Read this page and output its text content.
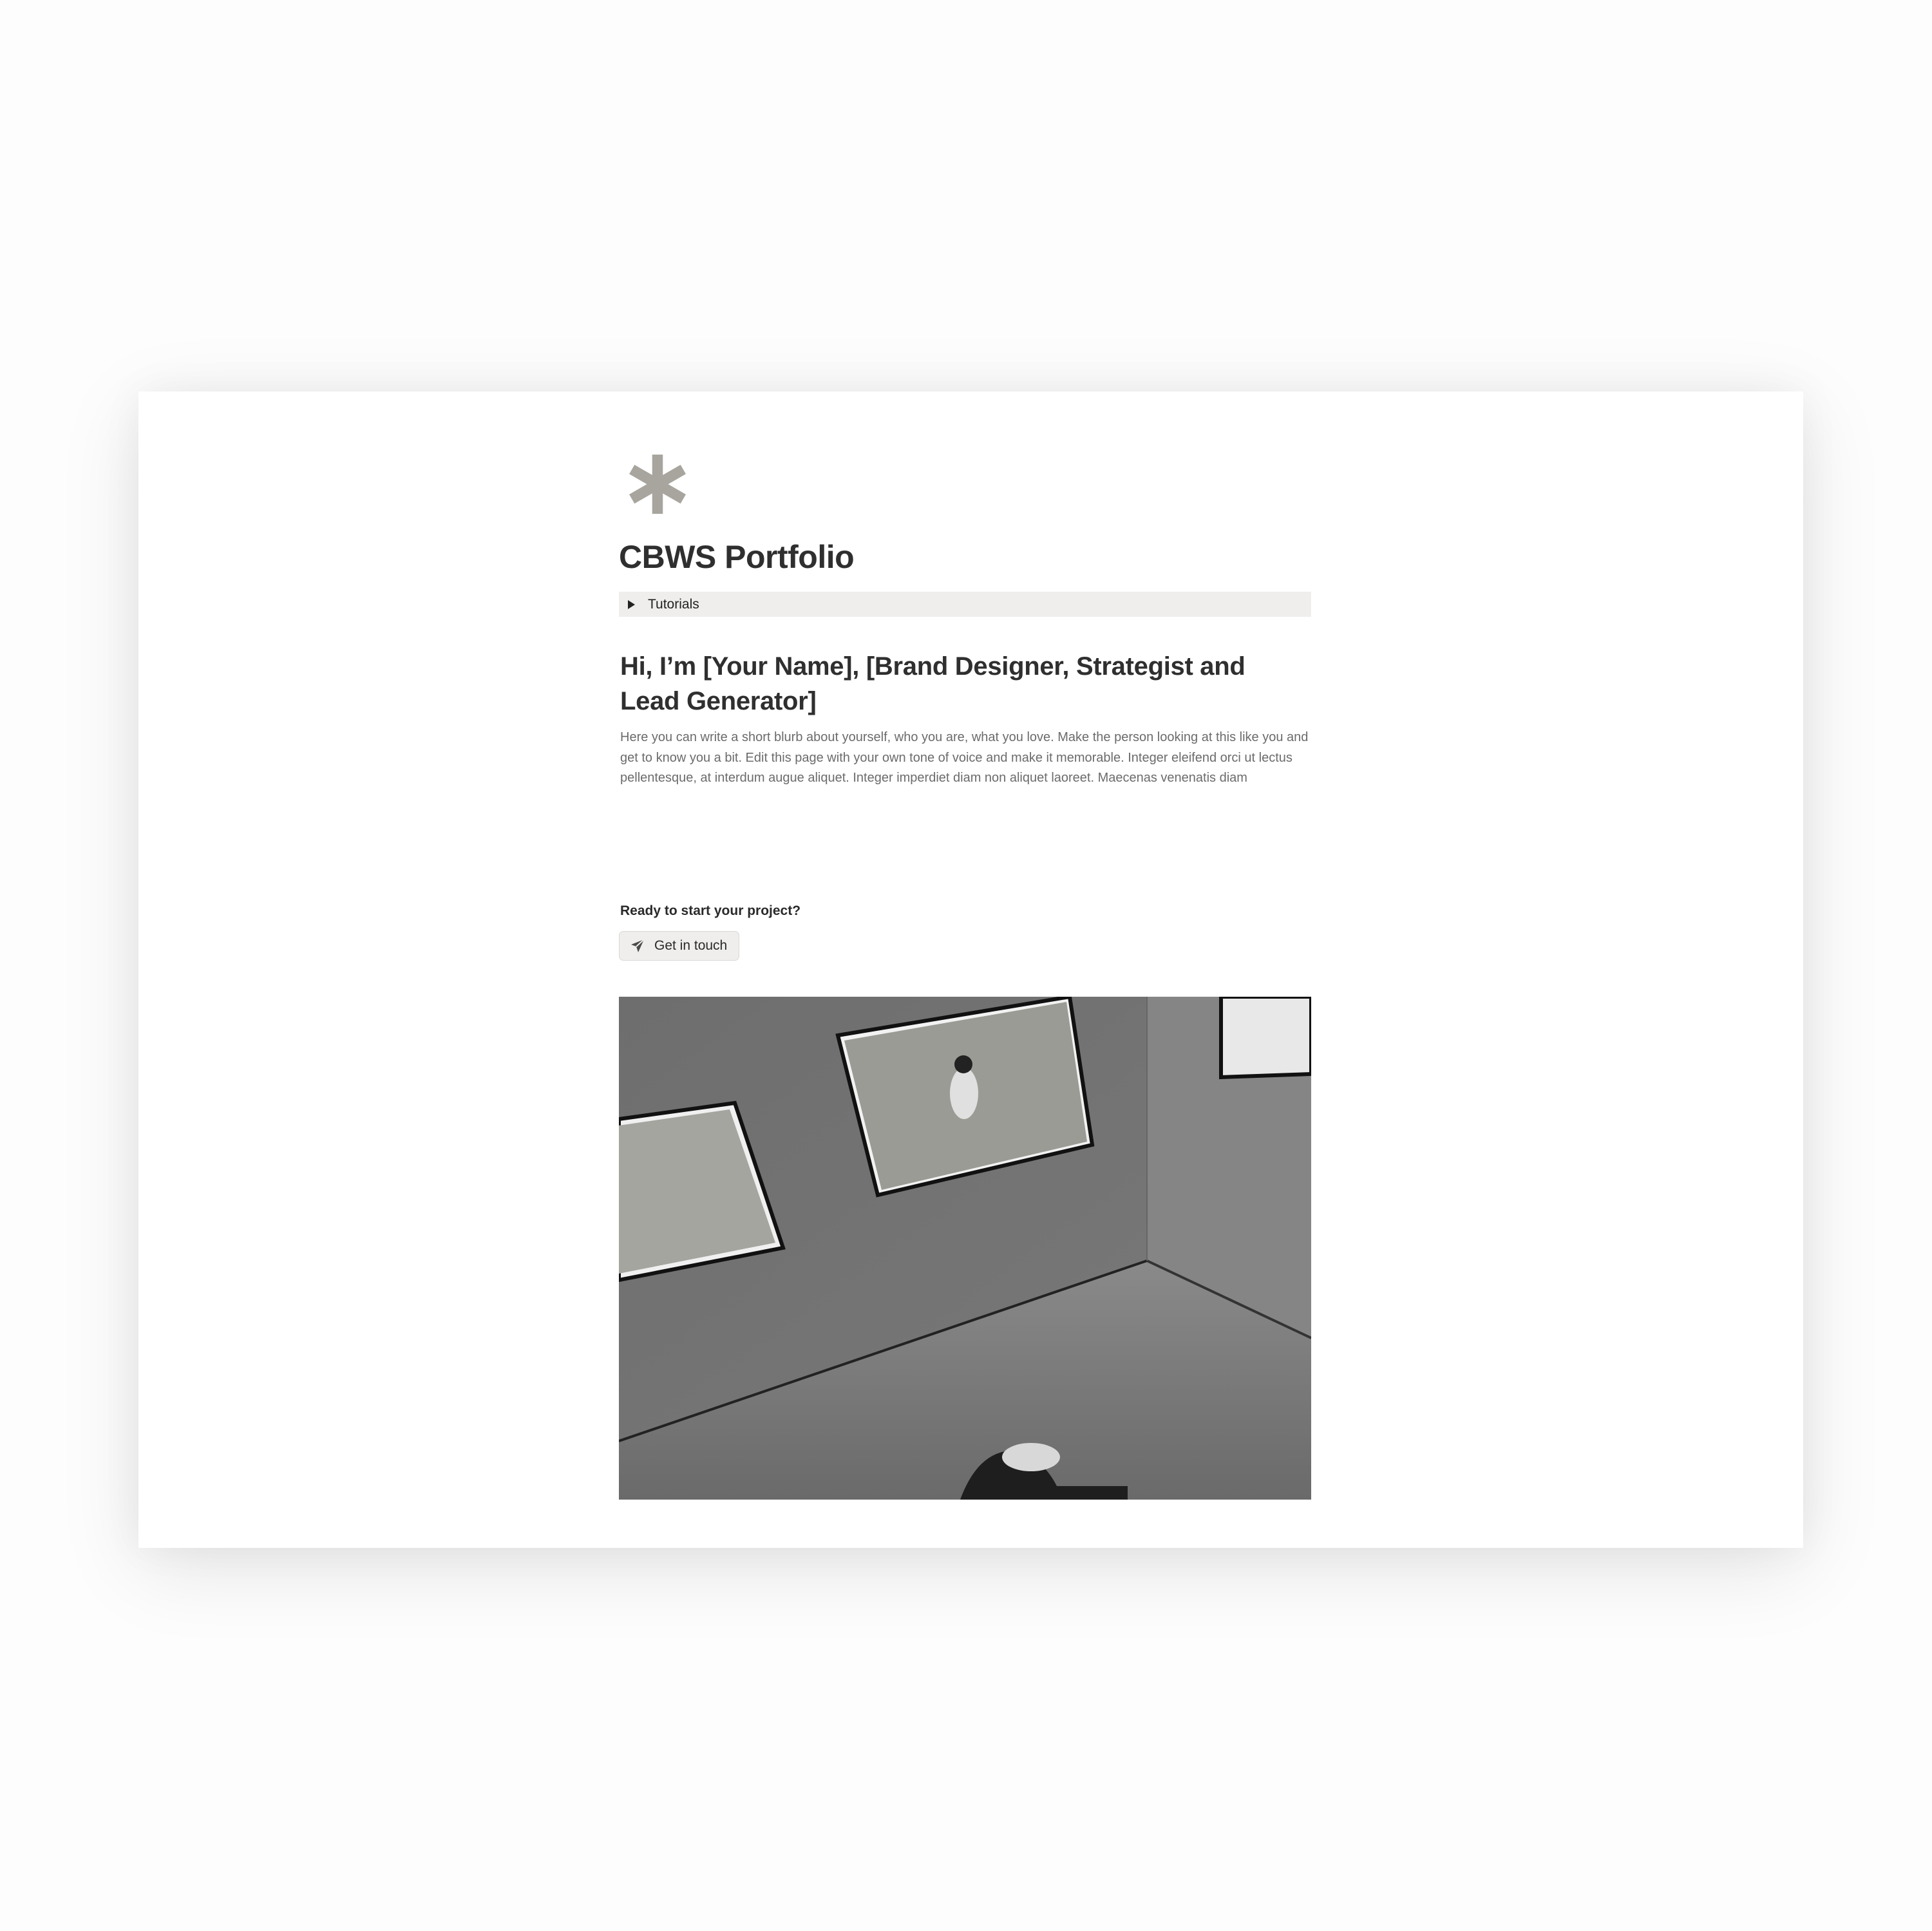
CBWS Portfolio
Tutorials
Hi, I’m [Your Name], [Brand Designer, Strategist and Lead Generator]

Here you can write a short blurb about yourself, who you are, what you love. Make the person looking at this like you and get to know you a bit. Edit this page with your own tone of voice and make it memorable. Integer eleifend orci ut lectus pellentesque, at interdum augue aliquet. Integer imperdiet diam non aliquet laoreet. Maecenas venenatis diam

Ready to start your project?
Get in touch
